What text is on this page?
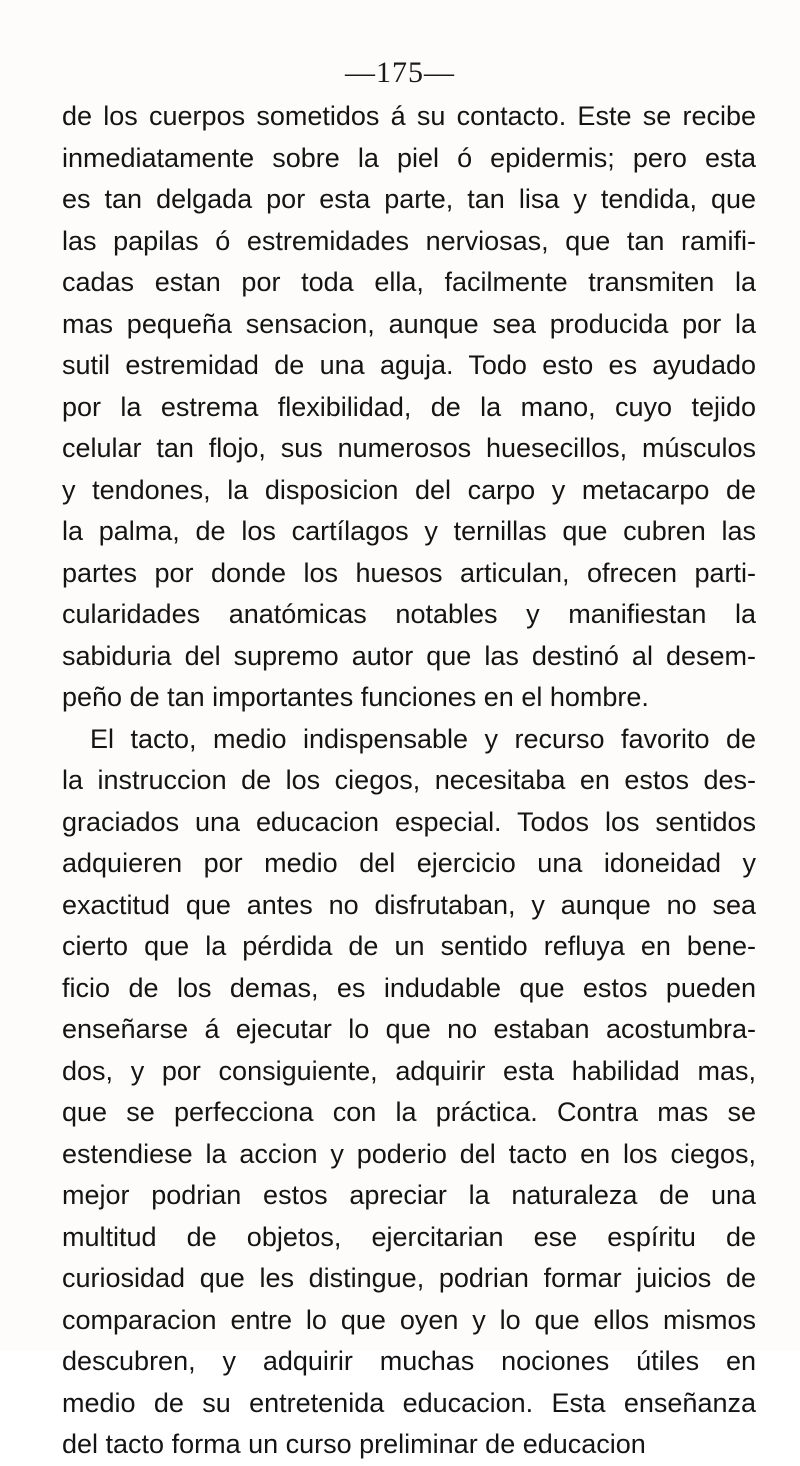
—175—
de los cuerpos sometidos á su contacto. Este se recibe
inmediatamente sobre la piel ó epidermis; pero esta
es tan delgada por esta parte, tan lisa y tendida, que
las papilas ó estremidades nerviosas, que tan ramifi-
cadas estan por toda ella, facilmente transmiten la
mas pequeña sensacion, aunque sea producida por la
sutil estremidad de una aguja. Todo esto es ayudado
por la estrema flexibilidad, de la mano, cuyo tejido
celular tan flojo, sus numerosos huesecillos, músculos
y tendones, la disposicion del carpo y metacarpo de
la palma, de los cartílagos y ternillas que cubren las
partes por donde los huesos articulan, ofrecen parti-
cularidades anatómicas notables y manifiestan la
sabiduria del supremo autor que las destinó al desem-
peño de tan importantes funciones en el hombre.
El tacto, medio indispensable y recurso favorito de
la instruccion de los ciegos, necesitaba en estos des-
graciados una educacion especial. Todos los sentidos
adquieren por medio del ejercicio una idoneidad y
exactitud que antes no disfrutaban, y aunque no sea
cierto que la pérdida de un sentido refluya en bene-
ficio de los demas, es indudable que estos pueden
enseñarse á ejecutar lo que no estaban acostumbra-
dos, y por consiguiente, adquirir esta habilidad mas,
que se perfecciona con la práctica. Contra mas se
estendiese la accion y poderio del tacto en los ciegos,
mejor podrian estos apreciar la naturaleza de una
multitud de objetos, ejercitarian ese espíritu de
curiosidad que les distingue, podrian formar juicios de
comparacion entre lo que oyen y lo que ellos mismos
descubren, y adquirir muchas nociones útiles en
medio de su entretenida educacion. Esta enseñanza
del tacto forma un curso preliminar de educacion
